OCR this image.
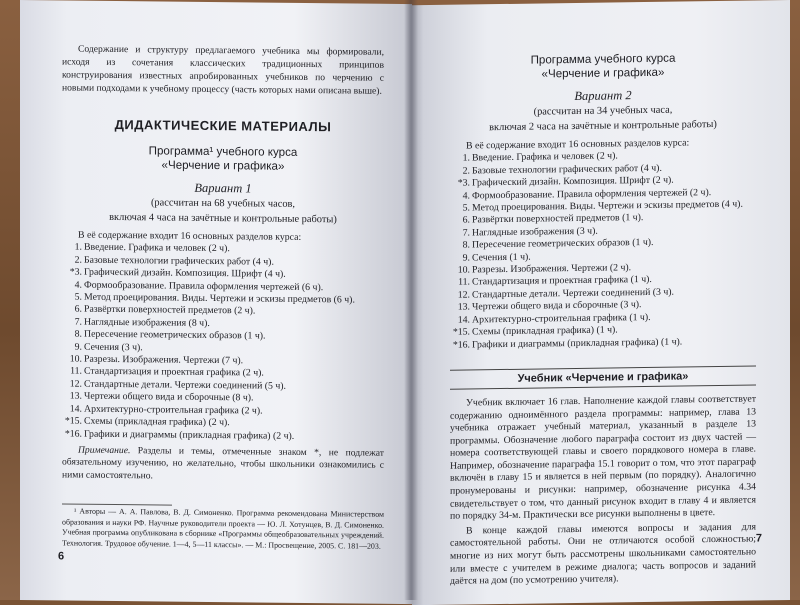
Содержание и структуру предлагаемого учебника мы формировали, исходя из сочетания классических традиционных принципов конструирования известных апробированных учебников по черчению с новыми подходами к учебному процессу (часть которых нами описана выше).

ДИДАКТИЧЕСКИЕ МАТЕРИАЛЫ

Программа¹ учебного курса

«Черчение и графика»

Вариант 1

(рассчитан на 68 учебных часов,

включая 4 часа на зачётные и контрольные работы)

В её содержание входит 16 основных разделов курса:

1. Введение. Графика и человек (2 ч).
2. Базовые технологии графических работ (4 ч).
*3. Графический дизайн. Композиция. Шрифт (4 ч).
4. Формообразование. Правила оформления чертежей (6 ч).
5. Метод проецирования. Виды. Чертежи и эскизы предметов (6 ч).
6. Развёртки поверхностей предметов (2 ч).
7. Наглядные изображения (8 ч).
8. Пересечение геометрических образов (1 ч).
9. Сечения (3 ч).
10. Разрезы. Изображения. Чертежи (7 ч).
11. Стандартизация и проектная графика (2 ч).
12. Стандартные детали. Чертежи соединений (5 ч).
13. Чертежи общего вида и сборочные (8 ч).
14. Архитектурно-строительная графика (2 ч).
*15. Схемы (прикладная графика) (2 ч).
*16. Графики и диаграммы (прикладная графика) (2 ч).

Примечание. Разделы и темы, отмеченные знаком *, не подлежат обязательному изучению, но желательно, чтобы школьники ознакомились с ними самостоятельно.

¹ Авторы — А. А. Павлова, В. Д. Симоненко. Программа рекомендована Министерством образования и науки РФ. Научные руководители проекта — Ю. Л. Хотунцев, В. Д. Симоненко. Учебная программа опубликована в сборнике «Программы общеобразовательных учреждений. Технология. Трудовое обучение. 1—4, 5—11 классы». — М.: Просвещение, 2005. С. 181—203.

6

Программа учебного курса

«Черчение и графика»

Вариант 2

(рассчитан на 34 учебных часа,

включая 2 часа на зачётные и контрольные работы)

В её содержание входит 16 основных разделов курса:

1. Введение. Графика и человек (2 ч).
2. Базовые технологии графических работ (4 ч).
*3. Графический дизайн. Композиция. Шрифт (2 ч).
4. Формообразование. Правила оформления чертежей (2 ч).
5. Метод проецирования. Виды. Чертежи и эскизы предметов (4 ч).
6. Развёртки поверхностей предметов (1 ч).
7. Наглядные изображения (3 ч).
8. Пересечение геометрических образов (1 ч).
9. Сечения (1 ч).
10. Разрезы. Изображения. Чертежи (2 ч).
11. Стандартизация и проектная графика (1 ч).
12. Стандартные детали. Чертежи соединений (3 ч).
13. Чертежи общего вида и сборочные (3 ч).
14. Архитектурно-строительная графика (1 ч).
*15. Схемы (прикладная графика) (1 ч).
*16. Графики и диаграммы (прикладная графика) (1 ч).

Учебник «Черчение и графика»

Учебник включает 16 глав. Наполнение каждой главы соответствует содержанию одноимённого раздела программы: например, глава 13 учебника отражает учебный материал, указанный в разделе 13 программы. Обозначение любого параграфа состоит из двух частей — номера соответствующей главы и своего порядкового номера в главе. Например, обозначение параграфа 15.1 говорит о том, что этот параграф включён в главу 15 и является в ней первым (по порядку). Аналогично пронумерованы и рисунки: например, обозначение рисунка 4.34 свидетельствует о том, что данный рисунок входит в главу 4 и является по порядку 34-м. Практически все рисунки выполнены в цвете.

В конце каждой главы имеются вопросы и задания для самостоятельной работы. Они не отличаются особой сложностью; многие из них могут быть рассмотрены школьниками самостоятельно или вместе с учителем в режиме диалога; часть вопросов и заданий даётся на дом (по усмотрению учителя).

7
